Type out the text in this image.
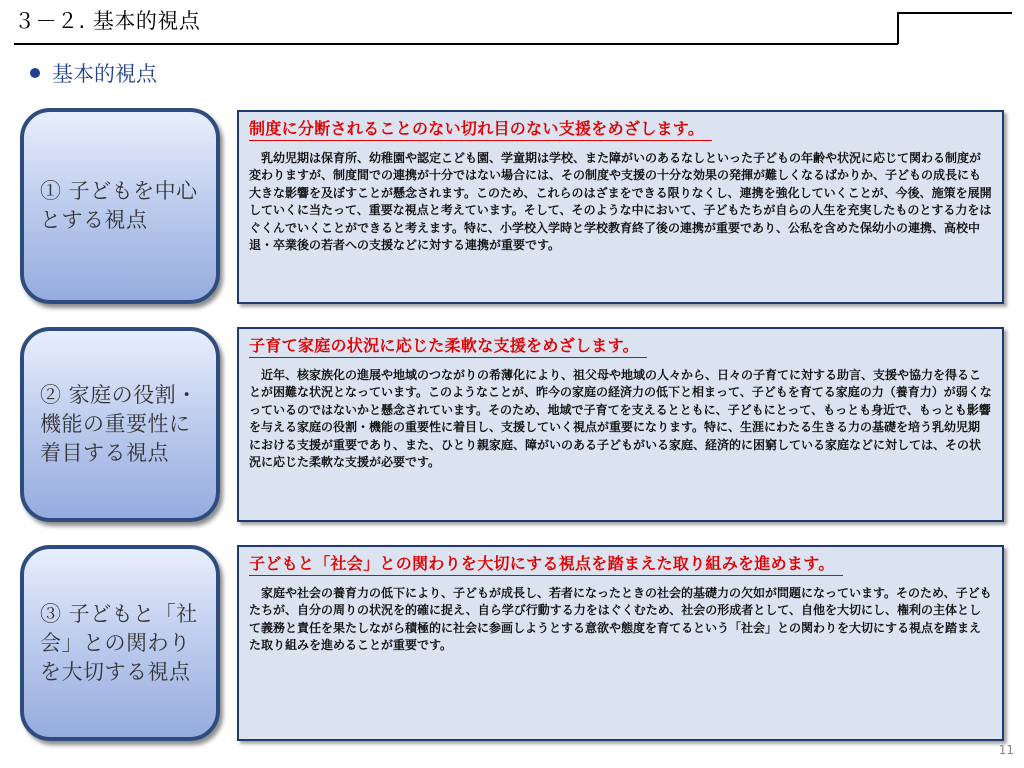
３－２. 基本的視点
基本的視点
① 子どもを中心とする視点
制度に分断されることのない切れ目のない支援をめざします。
乳幼児期は保育所、幼稚園や認定こども園、学童期は学校、また障がいのあるなしといった子どもの年齢や状況に応じて関わる制度が変わりますが、制度間での連携が十分ではない場合には、その制度や支援の十分な効果の発揮が難しくなるばかりか、子どもの成長にも大きな影響を及ぼすことが懸念されます。このため、これらのはざまをできる限りなくし、連携を強化していくことが、今後、施策を展開していくに当たって、重要な視点と考えています。そして、そのような中において、子どもたちが自らの人生を充実したものとする力をはぐくんでいくことができると考えます。特に、小学校入学時と学校教育終了後の連携が重要であり、公私を含めた保幼小の連携、高校中退・卒業後の若者への支援などに対する連携が重要です。
② 家庭の役割・機能の重要性に着目する視点
子育て家庭の状況に応じた柔軟な支援をめざします。
近年、核家族化の進展や地域のつながりの希薄化により、祖父母や地域の人々から、日々の子育てに対する助言、支援や協力を得ることが困難な状況となっています。このようなことが、昨今の家庭の経済力の低下と相まって、子どもを育てる家庭の力（養育力）が弱くなっているのではないかと懸念されています。そのため、地域で子育てを支えるとともに、子どもにとって、もっとも身近で、もっとも影響を与える家庭の役割・機能の重要性に着目し、支援していく視点が重要になります。特に、生涯にわたる生きる力の基礎を培う乳幼児期における支援が重要であり、また、ひとり親家庭、障がいのある子どもがいる家庭、経済的に困窮している家庭などに対しては、その状況に応じた柔軟な支援が必要です。
③ 子どもと「社会」との関わりを大切する視点
子どもと「社会」との関わりを大切にする視点を踏まえた取り組みを進めます。
家庭や社会の養育力の低下により、子どもが成長し、若者になったときの社会的基礎力の欠如が問題になっています。そのため、子どもたちが、自分の周りの状況を的確に捉え、自ら学び行動する力をはぐくむため、社会の形成者として、自他を大切にし、権利の主体として義務と責任を果たしながら積極的に社会に参画しようとする意欲や態度を育てるという「社会」との関わりを大切にする視点を踏まえた取り組みを進めることが重要です。
11
